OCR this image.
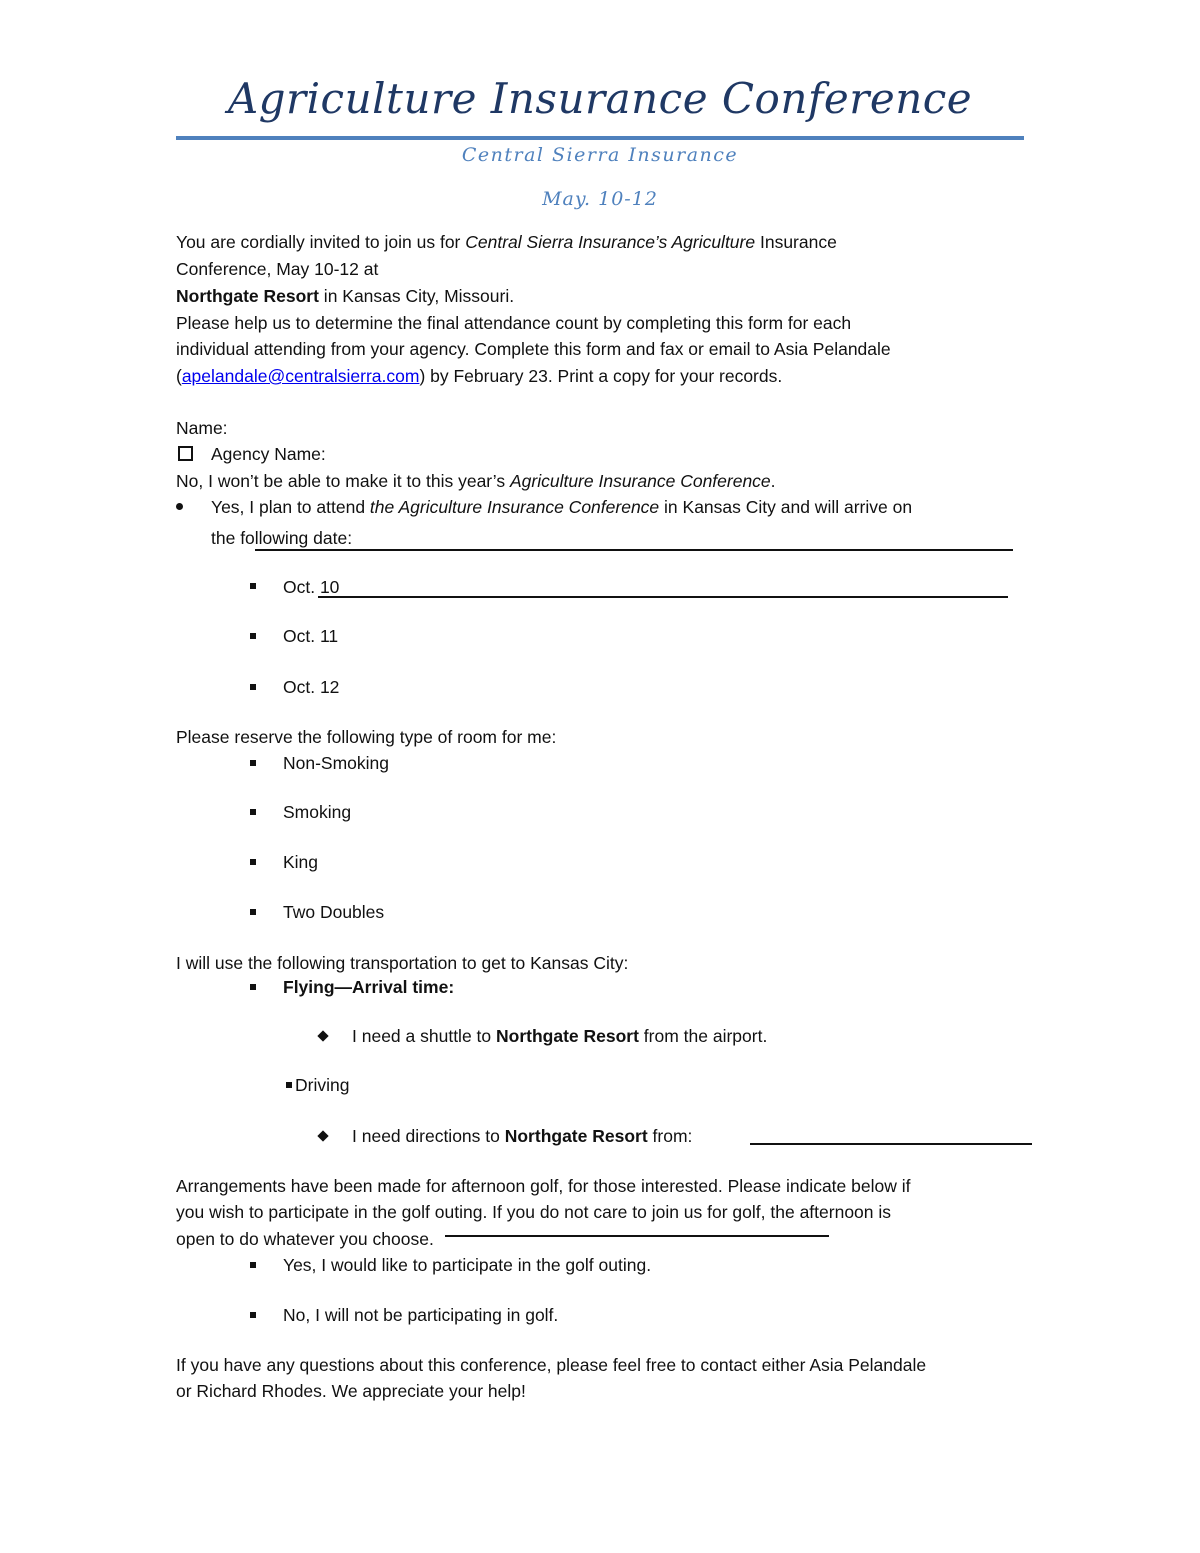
Agriculture Insurance Conference
Central Sierra Insurance
May. 10-12
You are cordially invited to join us for Central Sierra Insurance’s Agriculture Insurance
Conference, May 10-12 at
Northgate Resort in Kansas City, Missouri.
Please help us to determine the final attendance count by completing this form for each
individual attending from your agency. Complete this form and fax or email to Asia Pelandale
(apelandale@centralsierra.com) by February 23. Print a copy for your records.
Name:
Agency Name:
No, I won’t be able to make it to this year’s Agriculture Insurance Conference.
Yes, I plan to attend the Agriculture Insurance Conference in Kansas City and will arrive on
the following date:
Oct. 10
Oct. 11
Oct. 12
Please reserve the following type of room for me:
Non-Smoking
Smoking
King
Two Doubles
I will use the following transportation to get to Kansas City:
Flying—Arrival time:
I need a shuttle to Northgate Resort from the airport.
Driving
I need directions to Northgate Resort from:
Arrangements have been made for afternoon golf, for those interested. Please indicate below if
you wish to participate in the golf outing. If you do not care to join us for golf, the afternoon is
open to do whatever you choose.
Yes, I would like to participate in the golf outing.
No, I will not be participating in golf.
If you have any questions about this conference, please feel free to contact either Asia Pelandale
or Richard Rhodes. We appreciate your help!
